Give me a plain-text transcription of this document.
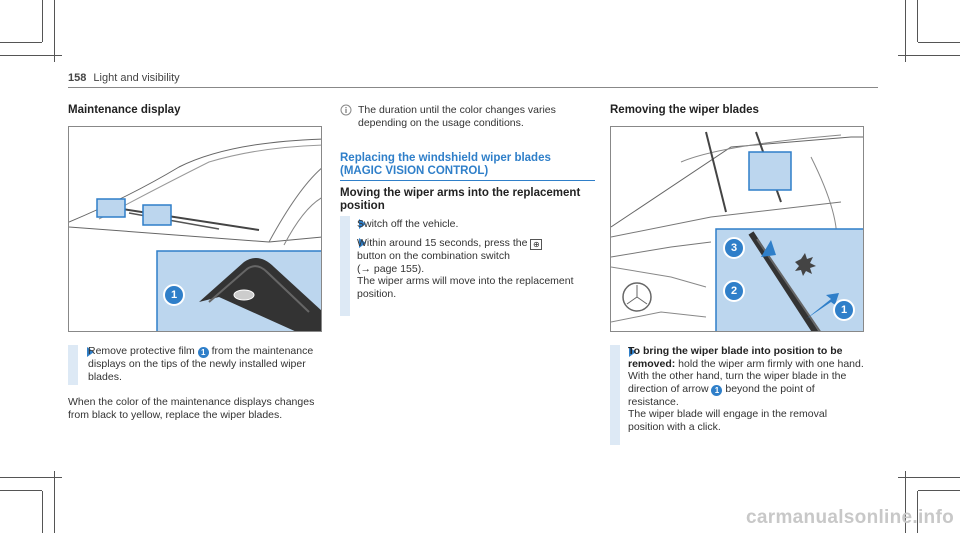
158 Light and visibility
Maintenance display
1
Remove protective film 1 from the maintenance displays on the tips of the newly installed wiper blades.
When the color of the maintenance displays changes from black to yellow, replace the wiper blades.
The duration until the color changes varies depending on the usage conditions.
Replacing the windshield wiper blades (MAGIC VISION CONTROL)
Moving the wiper arms into the replacement position
Switch off the vehicle.
Within around 15 seconds, press the ⊕
button on the combination switch
(→ page 155).
The wiper arms will move into the replacement position.
Removing the wiper blades
3
2
1
To bring the wiper blade into position to be removed: hold the wiper arm firmly with one hand. With the other hand, turn the wiper blade in the direction of arrow 1 beyond the point of resistance.
The wiper blade will engage in the removal position with a click.
carmanualsonline.info
